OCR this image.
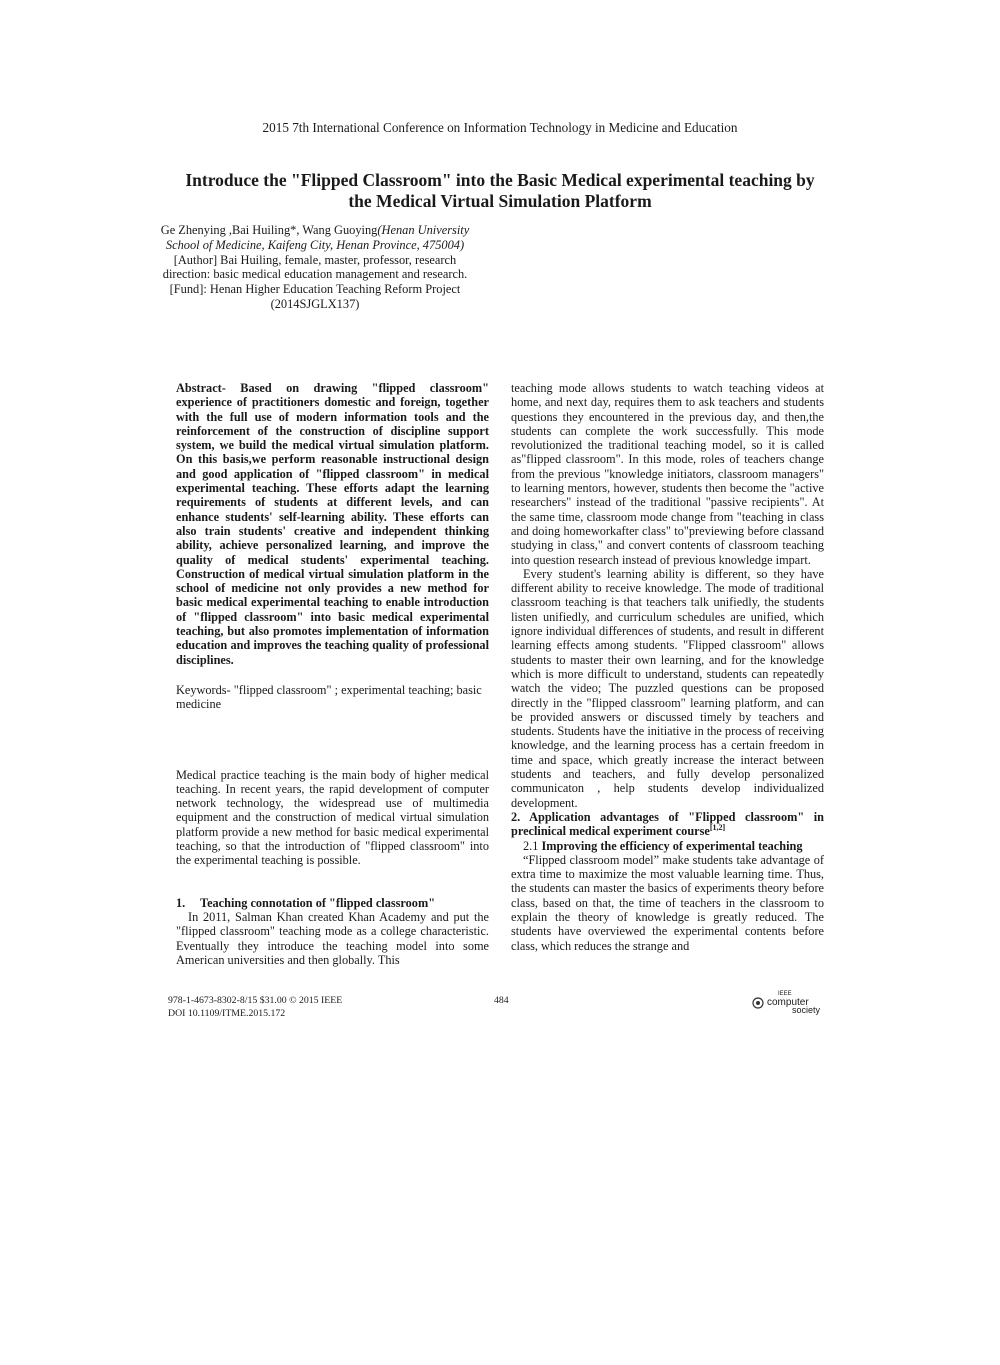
2015 7th International Conference on Information Technology in Medicine and Education
Introduce the "Flipped Classroom" into the Basic Medical experimental teaching by
the Medical Virtual Simulation Platform
Ge Zhenying ,Bai Huiling*, Wang Guoying(Henan University School of Medicine, Kaifeng City, Henan Province, 475004)
[Author] Bai Huiling, female, master, professor, research direction: basic medical education management and research.
[Fund]: Henan Higher Education Teaching Reform Project (2014SJGLX137)

Abstract- Based on drawing "flipped classroom" experience of practitioners domestic and foreign, together with the full use of modern information tools and the reinforcement of the construction of discipline support system, we build the medical virtual simulation platform. On this basis,we perform reasonable instructional design and good application of "flipped classroom" in medical experimental teaching. These efforts adapt the learning requirements of students at different levels, and can enhance students' self-learning ability. These efforts can also train students' creative and independent thinking ability, achieve personalized learning, and improve the quality of medical students' experimental teaching. Construction of medical virtual simulation platform in the school of medicine not only provides a new method for basic medical experimental teaching to enable introduction of "flipped classroom" into basic medical experimental teaching, but also promotes implementation of information education and improves the teaching quality of professional disciplines.

Keywords- "flipped classroom" ; experimental teaching; basic medicine

Medical practice teaching is the main body of higher medical teaching. In recent years, the rapid development of computer network technology, the widespread use of multimedia equipment and the construction of medical virtual simulation platform provide a new method for basic medical experimental teaching, so that the introduction of "flipped classroom" into the experimental teaching is possible.

1. Teaching connotation of "flipped classroom"

In 2011, Salman Khan created Khan Academy and put the "flipped classroom" teaching mode as a college characteristic. Eventually they introduce the teaching model into some American universities and then globally. This

teaching mode allows students to watch teaching videos at home, and next day, requires them to ask teachers and students questions they encountered in the previous day, and then,the students can complete the work successfully. This mode revolutionized the traditional teaching model, so it is called as"flipped classroom". In this mode, roles of teachers change from the previous "knowledge initiators, classroom managers" to learning mentors, however, students then become the "active researchers" instead of the traditional "passive recipients". At the same time, classroom mode change from "teaching in class and doing homeworkafter class" to"previewing before classand studying in class," and convert contents of classroom teaching into question research instead of previous knowledge impart.

Every student's learning ability is different, so they have different ability to receive knowledge. The mode of traditional classroom teaching is that teachers talk unifiedly, the students listen unifiedly, and curriculum schedules are unified, which ignore individual differences of students, and result in different learning effects among students. "Flipped classroom" allows students to master their own learning, and for the knowledge which is more difficult to understand, students can repeatedly watch the video; The puzzled questions can be proposed directly in the "flipped classroom" learning platform, and can be provided answers or discussed timely by teachers and students. Students have the initiative in the process of receiving knowledge, and the learning process has a certain freedom in time and space, which greatly increase the interact between students and teachers, and fully develop personalized communicaton , help students develop individualized development.

2. Application advantages of "Flipped classroom" in preclinical medical experiment course[1,2]

2.1 Improving the efficiency of experimental teaching

“Flipped classroom model” make students take advantage of extra time to maximize the most valuable learning time. Thus, the students can master the basics of experiments theory before class, based on that, the time of teachers in the classroom to explain the theory of knowledge is greatly reduced. The students have overviewed the experimental contents before class, which reduces the strange and

978-1-4673-8302-8/15 $31.00 © 2015 IEEE
DOI 10.1109/ITME.2015.172
484
IEEE
computer
society
